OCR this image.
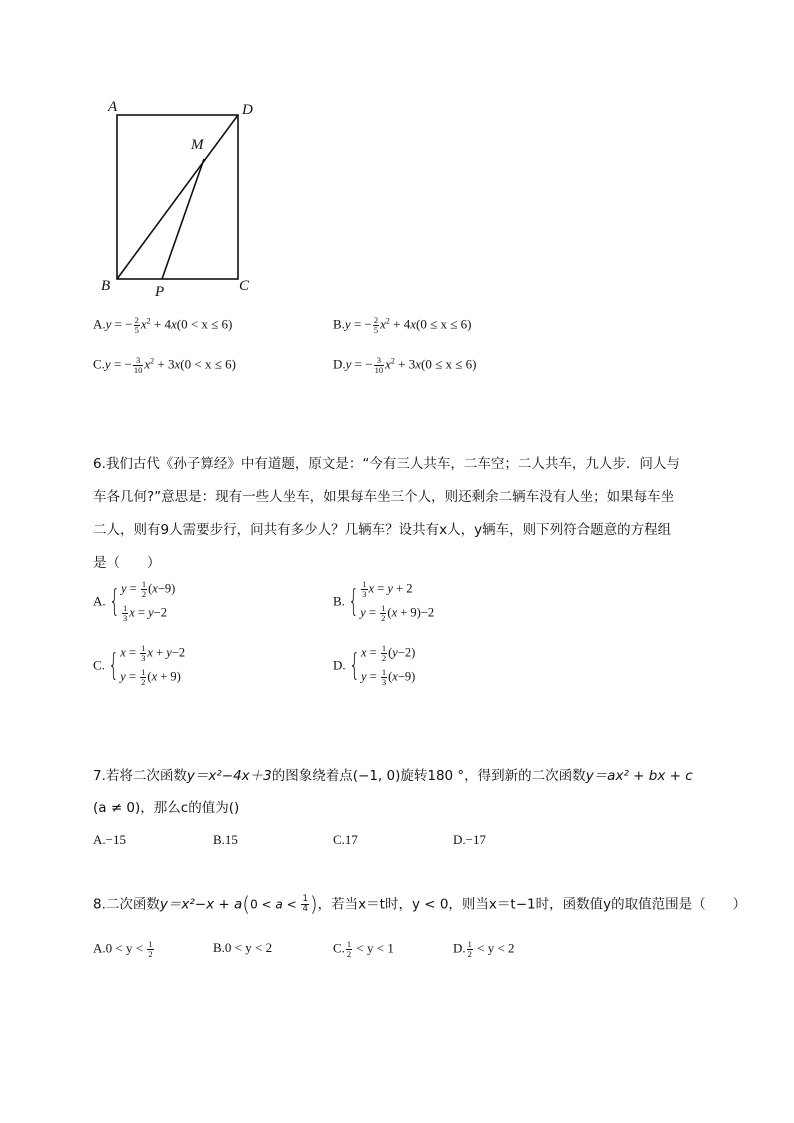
A	D
M
B	P	C
A.y = − $\frac{2}{5} x^2 + 4x(0 < x \le 6)$	B.y = − $\frac{2}{5} x^2 + 4x(0 \le x \le 6)$
C.y = − $\frac{3}{10} x^2 + 3x(0 < x \le 6)$	D.y = − $\frac{3}{10} x^2 + 3x(0 \le x \le 6)$
6.我们古代《孙子算经》中有道题，原文是：“今有三人共车，二车空；二人共车，九人步．问人与
车各几何?”意思是：现有一些人坐车，如果每车坐三个人，则还剩余二辆车没有人坐；如果每车坐
二人，则有9人需要步行，问共有多少人？几辆车？设共有x人，y辆车，则下列符合题意的方程组
是（　　）
A. { $y = \frac{1}{2} (x-9)$
$\frac{1}{3}$ x = y−2
B. { $\frac{1}{3}$ x = y + 2
$y = \frac{1}{2} (x + 9)-2$
C. { $x = \frac{1}{3}$ x + y−2
$y = \frac{1}{2} (x + 9)$
D. { $x = \frac{1}{2} (y-2)$
$y = \frac{1}{3} (x-9)$
7.若将二次函数y＝x²−4x＋3的图象绕着点(−1, 0)旋转180 °，得到新的二次函数y＝ax² + bx + c
(a ≠ 0)，那么c的值为()
A.−15	B.15	C.17	D.−17
8.二次函数$y=x^2-x + a(0 < a < \frac{1}{4}$ )，若当x＝t时，y < 0，则当x＝t−1时，函数值y的取值范围是（　　）
$A.0 < y < \frac{1}{2}$	B.0 < y < 2	C. $\frac{1}{2} < y < 1$	D. $\frac{1}{2} < y < 2$
